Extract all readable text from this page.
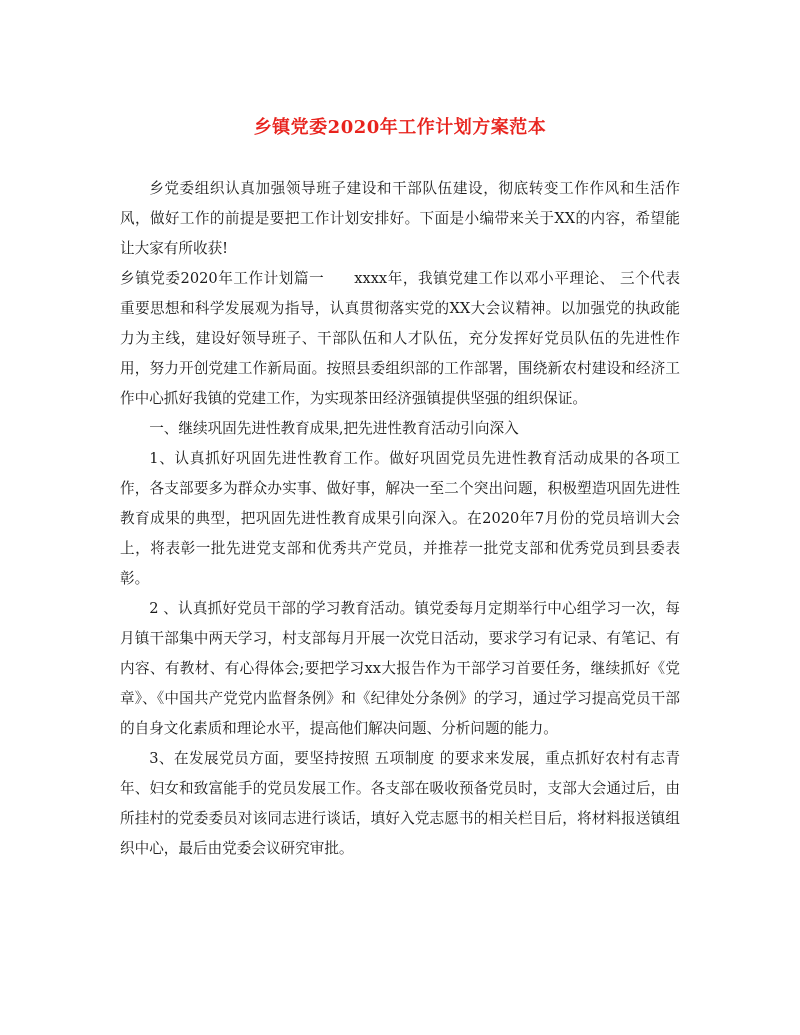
乡镇党委2020年工作计划方案范本

乡党委组织认真加强领导班子建设和干部队伍建设，彻底转变工作作风和生活作风，做好工作的前提是要把工作计划安排好。下面是小编带来关于XX的内容，希望能让大家有所收获!

乡镇党委2020年工作计划篇一 xxxx年，我镇党建工作以邓小平理论、 三个代表 重要思想和科学发展观为指导，认真贯彻落实党的XX大会议精神。以加强党的执政能力为主线，建设好领导班子、干部队伍和人才队伍，充分发挥好党员队伍的先进性作用，努力开创党建工作新局面。按照县委组织部的工作部署，围绕新农村建设和经济工作中心抓好我镇的党建工作，为实现茶田经济强镇提供坚强的组织保证。

一、继续巩固先进性教育成果,把先进性教育活动引向深入

1、认真抓好巩固先进性教育工作。做好巩固党员先进性教育活动成果的各项工作，各支部要多为群众办实事、做好事，解决一至二个突出问题，积极塑造巩固先进性教育成果的典型，把巩固先进性教育成果引向深入。在2020年7月份的党员培训大会上，将表彰一批先进党支部和优秀共产党员，并推荐一批党支部和优秀党员到县委表彰。

2 、认真抓好党员干部的学习教育活动。镇党委每月定期举行中心组学习一次，每月镇干部集中两天学习，村支部每月开展一次党日活动，要求学习有记录、有笔记、有内容、有教材、有心得体会;要把学习xx大报告作为干部学习首要任务，继续抓好《党章》、《中国共产党党内监督条例》和《纪律处分条例》的学习，通过学习提高党员干部的自身文化素质和理论水平，提高他们解决问题、分析问题的能力。

3、在发展党员方面，要坚持按照 五项制度 的要求来发展，重点抓好农村有志青年、妇女和致富能手的党员发展工作。各支部在吸收预备党员时，支部大会通过后，由所挂村的党委委员对该同志进行谈话，填好入党志愿书的相关栏目后，将材料报送镇组织中心，最后由党委会议研究审批。
